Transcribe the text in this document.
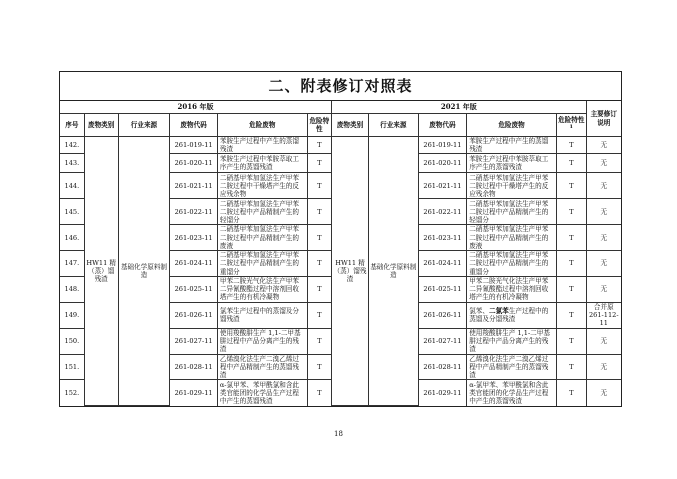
二、附表修订对照表
2016 年版						2021 年版					主要修订说明
序号	废物类别	行业来源	废物代码	危险废物	危险特性	废物类别	行业来源	废物代码	危险废物	危险特性$^1$
142.	HW11 精（蒸）馏残渣	基础化学原料制造	261-019-11	苯胺生产过程中产生的蒸馏残渣	T	HW11 精（蒸）馏残渣	基础化学原料制造	261-019-11	苯胺生产过程中产生的蒸馏残渣	T	无
143.			261-020-11	苯胺生产过程中苯胺萃取工序产生的蒸馏残渣	T			261-020-11	苯胺生产过程中苯胺萃取工序产生的蒸馏残渣	T	无
144.			261-021-11	二硝基甲苯加氢法生产甲苯二胺过程中干燥塔产生的反应残余物	T			261-021-11	二硝基甲苯加氢法生产甲苯二胺过程中干燥塔产生的反应残余物	T	无
145.			261-022-11	二硝基甲苯加氢法生产甲苯二胺过程中产品精制产生的轻馏分	T			261-022-11	二硝基甲苯加氢法生产甲苯二胺过程中产品精制产生的轻馏分	T	无
146.			261-023-11	二硝基甲苯加氢法生产甲苯二胺过程中产品精制产生的废液	T			261-023-11	二硝基甲苯加氢法生产甲苯二胺过程中产品精制产生的废液	T	无
147.			261-024-11	二硝基甲苯加氢法生产甲苯二胺过程中产品精制产生的重馏分	T			261-024-11	二硝基甲苯加氢法生产甲苯二胺过程中产品精制产生的重馏分	T	无
148.			261-025-11	甲苯二胺光气化法生产甲苯二异氰酸酯过程中溶剂回收塔产生的有机冷凝物	T			261-025-11	甲苯二胺光气化法生产甲苯二异氰酸酯过程中溶剂回收塔产生的有机冷凝物	T	无
149.			261-026-11	氯苯生产过程中的蒸馏及分馏残渣	T			261-026-11	氯苯、二氯苯生产过程中的蒸馏及分馏残渣	T	合并原261-112-11
150.			261-027-11	使用羧酸肼生产 1,1-二甲基肼过程中产品分离产生的残渣	T			261-027-11	使用羧酸肼生产 1,1-二甲基肼过程中产品分离产生的残渣	T	无
151.			261-028-11	乙烯溴化法生产二溴乙烯过程中产品精制产生的蒸馏残渣	T			261-028-11	乙烯溴化法生产二溴乙烯过程中产品精制产生的蒸馏残渣	T	无
152.			261-029-11	α-氯甲苯、苯甲酰氯和含此类官能团的化学品生产过程中产生的蒸馏残渣	T			261-029-11	α-氯甲苯、苯甲酰氯和含此类官能团的化学品生产过程中产生的蒸馏残渣	T	无
18
